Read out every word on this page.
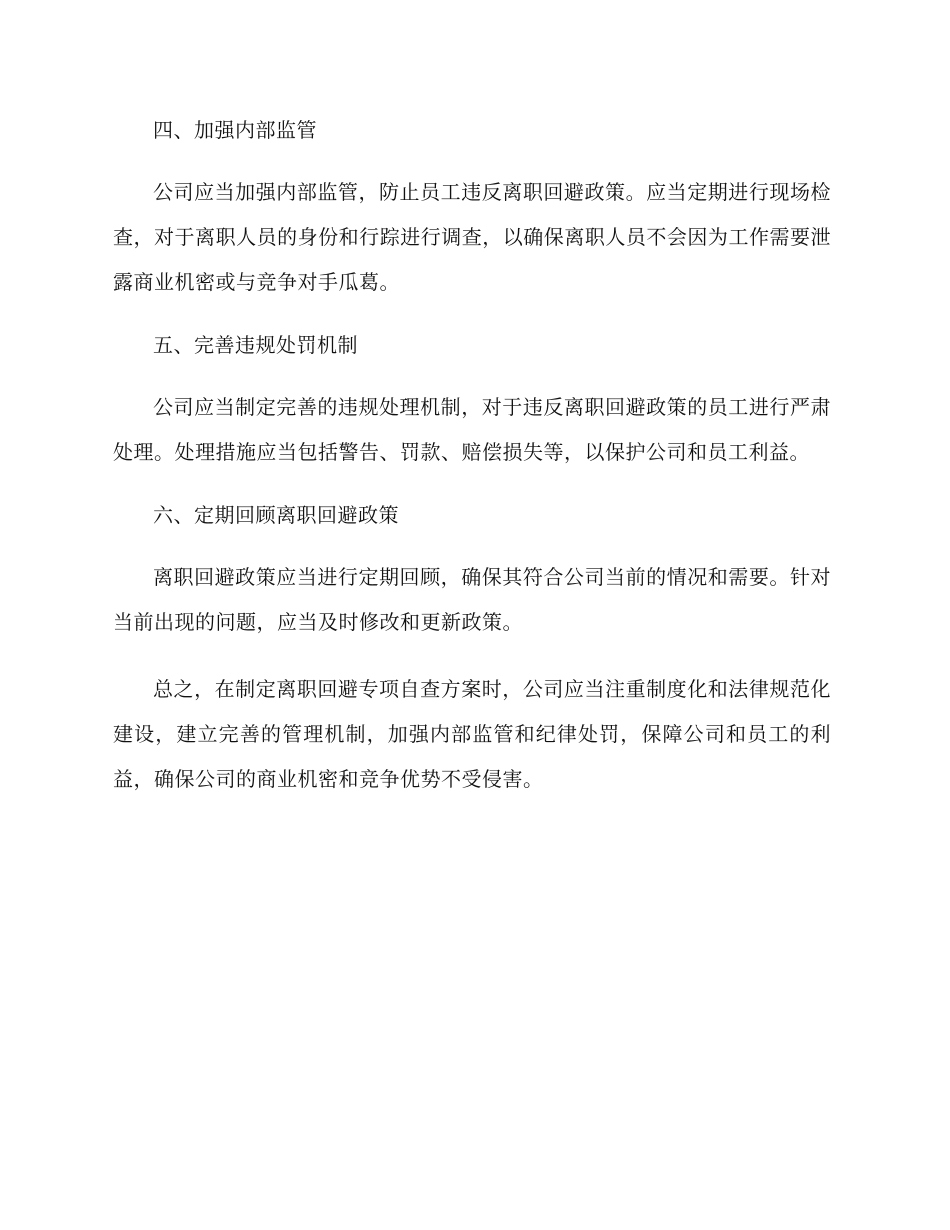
四、加强内部监管

公司应当加强内部监管，防止员工违反离职回避政策。应当定期进行现场检查，对于离职人员的身份和行踪进行调查，以确保离职人员不会因为工作需要泄露商业机密或与竞争对手瓜葛。

五、完善违规处罚机制

公司应当制定完善的违规处理机制，对于违反离职回避政策的员工进行严肃处理。处理措施应当包括警告、罚款、赔偿损失等，以保护公司和员工利益。

六、定期回顾离职回避政策

离职回避政策应当进行定期回顾，确保其符合公司当前的情况和需要。针对当前出现的问题，应当及时修改和更新政策。

总之，在制定离职回避专项自查方案时，公司应当注重制度化和法律规范化建设，建立完善的管理机制，加强内部监管和纪律处罚，保障公司和员工的利益，确保公司的商业机密和竞争优势不受侵害。
